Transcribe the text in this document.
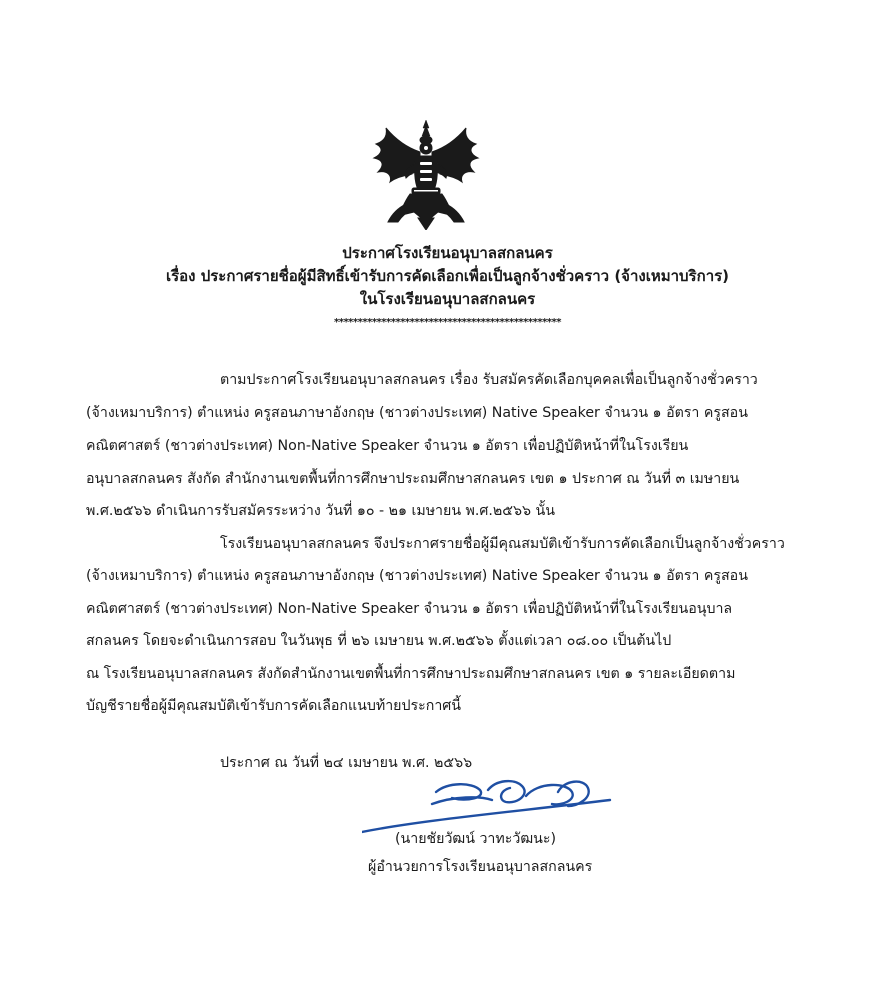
ประกาศโรงเรียนอนุบาลสกลนคร
เรื่อง ประกาศรายชื่อผู้มีสิทธิ์เข้ารับการคัดเลือกเพื่อเป็นลูกจ้างชั่วคราว (จ้างเหมาบริการ)
ในโรงเรียนอนุบาลสกลนคร
************************************************
ตามประกาศโรงเรียนอนุบาลสกลนคร เรื่อง รับสมัครคัดเลือกบุคคลเพื่อเป็นลูกจ้างชั่วคราว
(จ้างเหมาบริการ) ตำแหน่ง ครูสอนภาษาอังกฤษ (ชาวต่างประเทศ) Native Speaker จำนวน ๑ อัตรา ครูสอน
คณิตศาสตร์ (ชาวต่างประเทศ) Non-Native Speaker จำนวน ๑ อัตรา เพื่อปฏิบัติหน้าที่ในโรงเรียน
อนุบาลสกลนคร สังกัด สำนักงานเขตพื้นที่การศึกษาประถมศึกษาสกลนคร เขต ๑ ประกาศ ณ วันที่ ๓ เมษายน
พ.ศ.๒๕๖๖ ดำเนินการรับสมัครระหว่าง วันที่ ๑๐ - ๒๑ เมษายน พ.ศ.๒๕๖๖ นั้น
โรงเรียนอนุบาลสกลนคร จึงประกาศรายชื่อผู้มีคุณสมบัติเข้ารับการคัดเลือกเป็นลูกจ้างชั่วคราว
(จ้างเหมาบริการ) ตำแหน่ง ครูสอนภาษาอังกฤษ (ชาวต่างประเทศ) Native Speaker จำนวน ๑ อัตรา ครูสอน
คณิตศาสตร์ (ชาวต่างประเทศ) Non-Native Speaker จำนวน ๑ อัตรา เพื่อปฏิบัติหน้าที่ในโรงเรียนอนุบาล
สกลนคร โดยจะดำเนินการสอบ ในวันพุธ ที่ ๒๖ เมษายน พ.ศ.๒๕๖๖ ตั้งแต่เวลา ๐๘.๐๐ เป็นต้นไป
ณ โรงเรียนอนุบาลสกลนคร สังกัดสำนักงานเขตพื้นที่การศึกษาประถมศึกษาสกลนคร เขต ๑ รายละเอียดตาม
บัญชีรายชื่อผู้มีคุณสมบัติเข้ารับการคัดเลือกแนบท้ายประกาศนี้
ประกาศ ณ วันที่ ๒๔ เมษายน พ.ศ. ๒๕๖๖
(นายชัยวัฒน์ วาทะวัฒนะ)
ผู้อำนวยการโรงเรียนอนุบาลสกลนคร
